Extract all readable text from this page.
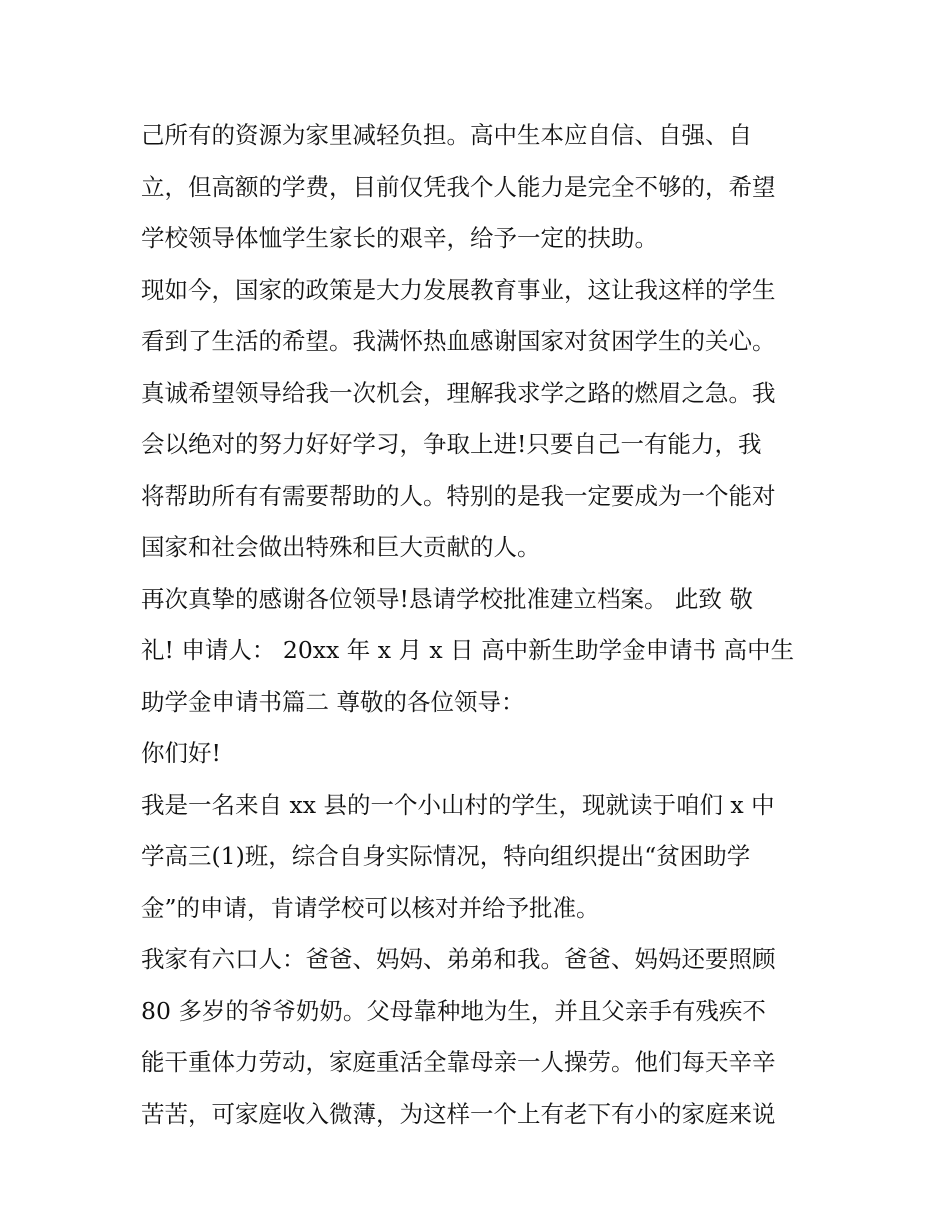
己所有的资源为家里减轻负担。高中生本应自信、自强、自
立，但高额的学费，目前仅凭我个人能力是完全不够的，希望
学校领导体恤学生家长的艰辛，给予一定的扶助。
现如今，国家的政策是大力发展教育事业，这让我这样的学生
看到了生活的希望。我满怀热血感谢国家对贫困学生的关心。
真诚希望领导给我一次机会，理解我求学之路的燃眉之急。我
会以绝对的努力好好学习，争取上进!只要自己一有能力，我
将帮助所有有需要帮助的人。特别的是我一定要成为一个能对
国家和社会做出特殊和巨大贡献的人。
再次真挚的感谢各位领导!恳请学校批准建立档案。 此致 敬
礼! 申请人： 20xx 年 x 月 x 日 高中新生助学金申请书 高中生
助学金申请书篇二 尊敬的各位领导：
你们好!
我是一名来自 xx 县的一个小山村的学生，现就读于咱们 x 中
学高三(1)班，综合自身实际情况，特向组织提出“贫困助学
金”的申请，肯请学校可以核对并给予批准。
我家有六口人：爸爸、妈妈、弟弟和我。爸爸、妈妈还要照顾
80 多岁的爷爷奶奶。父母靠种地为生，并且父亲手有残疾不
能干重体力劳动，家庭重活全靠母亲一人操劳。他们每天辛辛
苦苦，可家庭收入微薄，为这样一个上有老下有小的家庭来说
